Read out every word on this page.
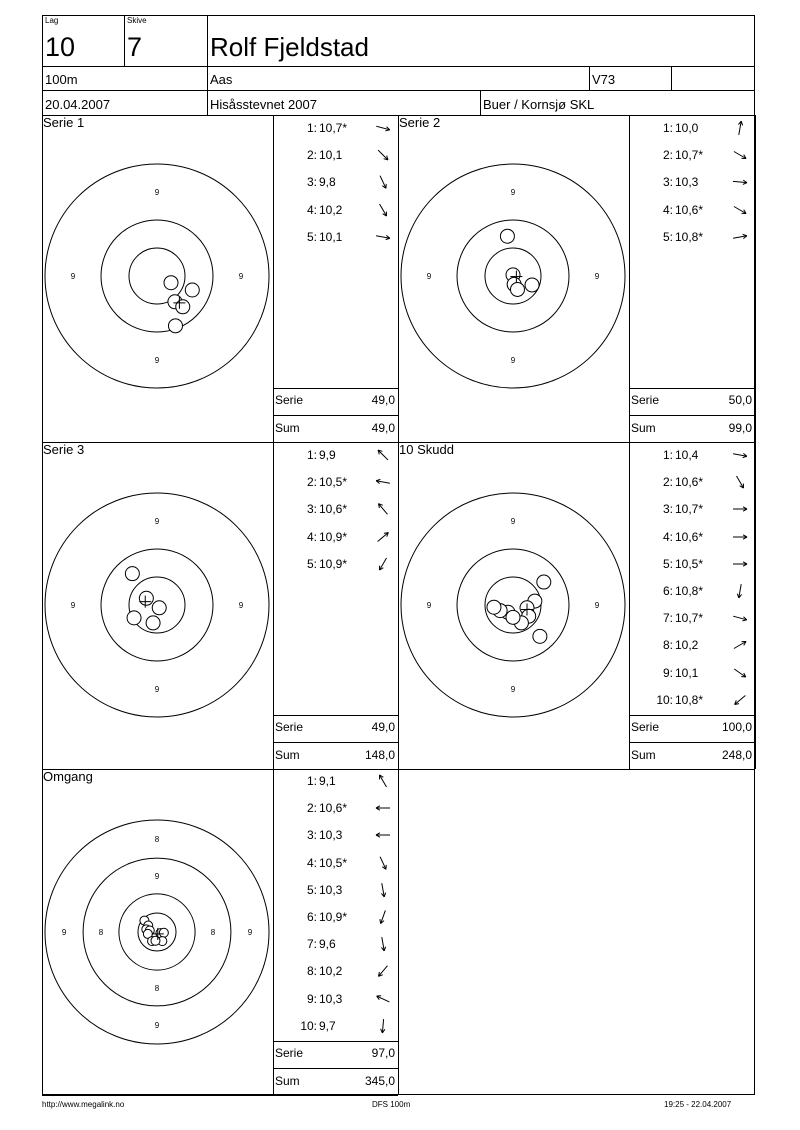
Lag
10
Skive
7	Rolf Fjeldstad
100m	Aas	V73
20.04.2007	Hisåsstevnet 2007	Buer / Kornsjø SKL
Serie 1
9
9	9
9
1: 10,7*
2: 10,1
3: 9,8
4: 10,2
5: 10,1
Serie	49,0
Sum	49,0
Serie 2
9
9	9
9
1: 10,0
2: 10,7*
3: 10,3
4: 10,6*
5: 10,8*
Serie	50,0
Sum	99,0
Serie 3
9
9	9
9
1: 9,9
2: 10,5*
3: 10,6*
4: 10,9*
5: 10,9*
Serie	49,0
Sum	148,0
10 Skudd
9
9	9
9
1: 10,4
2: 10,6*
3: 10,7*
4: 10,6*
5: 10,5*
6: 10,8*
7: 10,7*
8: 10,2
9: 10,1
10: 10,8*
Serie	100,0
Sum	248,0
Omgang
8
9	9
9
9
8	8
8
1: 9,1
2: 10,6*
3: 10,3
4: 10,5*
5: 10,3
6: 10,9*
7: 9,6
8: 10,2
9: 10,3
10: 9,7
Serie	97,0
Sum	345,0
http://www.megalink.no	DFS 100m	19:25 - 22.04.2007
